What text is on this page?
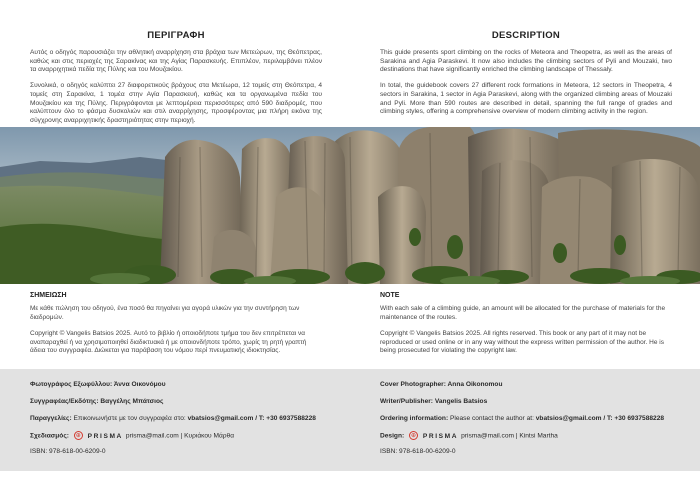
ΠΕΡΙΓΡΑΦΗ

Αυτός ο οδηγός παρουσιάζει την αθλητική αναρρίχηση στα βράχια των Μετεώρων, της Θεόπετρας, καθώς και στις περιοχές της Σαρακίνας και της Αγίας Παρασκευής. Επιπλέον, περιλαμβάνει πλέον τα αναρριχητικά πεδία της Πύλης και του Μουζακίου.

Συνολικά, ο οδηγός καλύπτει 27 διαφορετικούς βράχους στα Μετέωρα, 12 τομείς στη Θεόπετρα, 4 τομείς στη Σαρακίνα, 1 τομέα στην Αγία Παρασκευή, καθώς και τα οργανωμένα πεδία του Μουζακίου και της Πύλης. Περιγράφονται με λεπτομέρεια περισσότερες από 590 διαδρομές, που καλύπτουν όλο το φάσμα δυσκολιών και στιλ αναρρίχησης, προσφέροντας μια πλήρη εικόνα της σύγχρονης αναρριχητικής δραστηριότητας στην περιοχή.

DESCRIPTION

This guide presents sport climbing on the rocks of Meteora and Theopetra, as well as the areas of Sarakina and Agia Paraskevi. It now also includes the climbing sectors of Pyli and Mouzaki, two destinations that have significantly enriched the climbing landscape of Thessaly.

In total, the guidebook covers 27 different rock formations in Meteora, 12 sectors in Theopetra, 4 sectors in Sarakina, 1 sector in Agia Paraskevi, along with the organized climbing areas of Mouzaki and Pyli. More than 590 routes are described in detail, spanning the full range of grades and climbing styles, offering a comprehensive overview of modern climbing activity in the region.

ΣΗΜΕΙΩΣΗ

Με κάθε πώληση του οδηγού, ένα ποσό θα πηγαίνει για αγορά υλικών για την συντήρηση των διαδρομών.

Copyright © Vangelis Batsios 2025. Αυτό το βιβλίο ή οποιοδήποτε τμήμα του δεν επιτρέπεται να αναπαραχθεί ή να χρησιμοποιηθεί διαδικτυακά ή με οποιονδήποτε τρόπο, χωρίς τη ρητή γραπτή άδεια του συγγραφέα. Διώκεται για παράβαση του νόμου περί πνευματικής ιδιοκτησίας.

NOTE

With each sale of a climbing guide, an amount will be allocated for the purchase of materials for the maintenance of the routes.

Copyright © Vangelis Batsios 2025. All rights reserved. This book or any part of it may not be reproduced or used online or in any way without the express written permission of the author. He is being prosecuted for violating the copyright law.

Φωτογράφος Εξωφύλλου: Άννα Οικονόμου
Συγγραφέας/Εκδότης: Βαγγέλης Μπάτσιος
Παραγγελίες: Επικοινωνήστε με τον συγγραφέα στο: vbatsios@gmail.com / T: +30 6937588228
Σχεδιασμός: ⊕ PRISMA prisma@mail.com | Κυριάκου Μάρθα
ISBN: 978-618-00-6209-0
Cover Photographer: Anna Oikonomou
Writer/Publisher: Vangelis Batsios
Ordering information: Please contact the author at: vbatsios@gmail.com / T: +30 6937588228
Design: ⊕ PRISMA prisma@mail.com | Kintsi Martha
ISBN: 978-618-00-6209-0
